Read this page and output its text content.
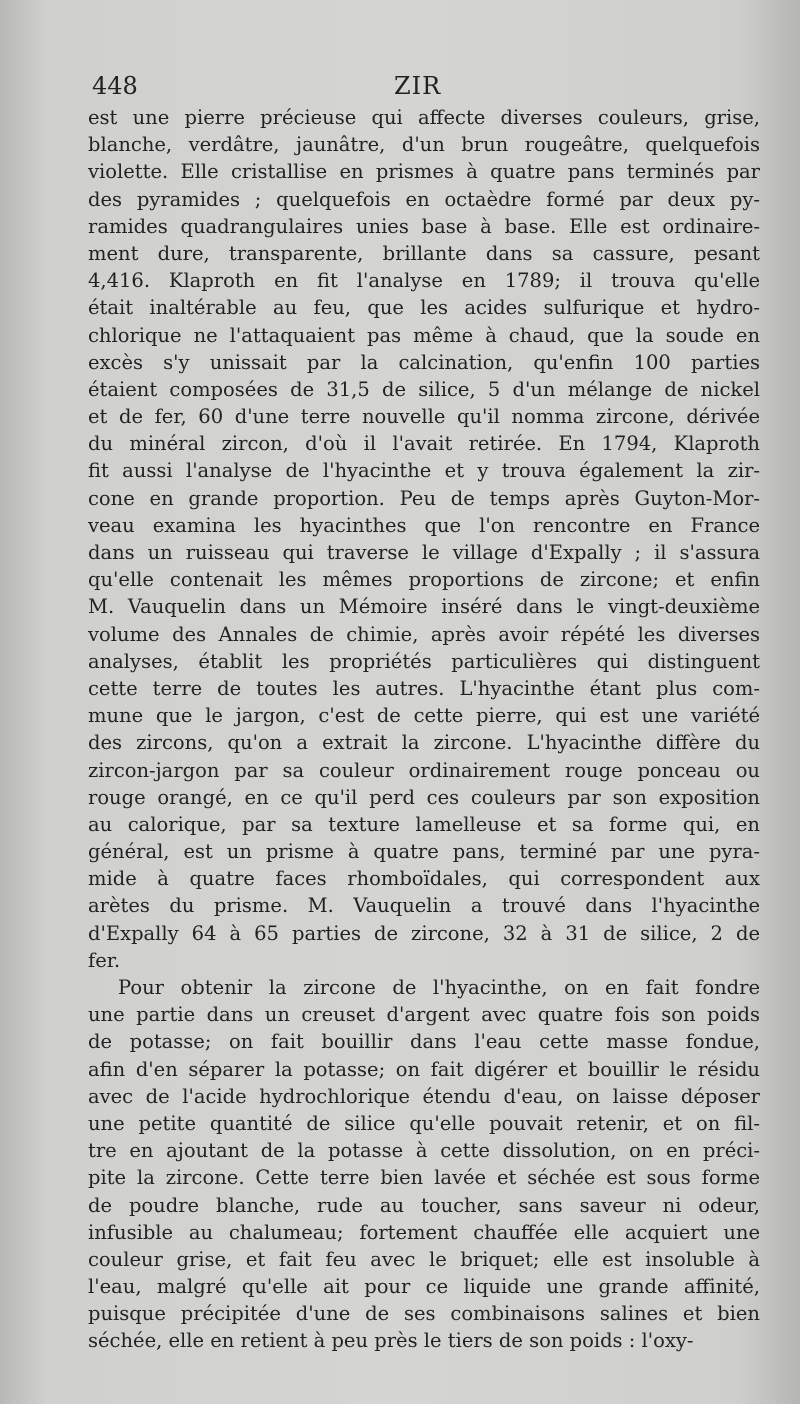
448	ZIR
est une pierre précieuse qui affecte diverses couleurs, grise,
blanche, verdâtre, jaunâtre, d'un brun rougeâtre, quelquefois
violette. Elle cristallise en prismes à quatre pans terminés par
des pyramides ; quelquefois en octaèdre formé par deux py-
ramides quadrangulaires unies base à base. Elle est ordinaire-
ment dure, transparente, brillante dans sa cassure, pesant
4,416. Klaproth en fit l'analyse en 1789; il trouva qu'elle
était inaltérable au feu, que les acides sulfurique et hydro-
chlorique ne l'attaquaient pas même à chaud, que la soude en
excès s'y unissait par la calcination, qu'enfin 100 parties
étaient composées de 31,5 de silice, 5 d'un mélange de nickel
et de fer, 60 d'une terre nouvelle qu'il nomma zircone, dérivée
du minéral zircon, d'où il l'avait retirée. En 1794, Klaproth
fit aussi l'analyse de l'hyacinthe et y trouva également la zir-
cone en grande proportion. Peu de temps après Guyton-Mor-
veau examina les hyacinthes que l'on rencontre en France
dans un ruisseau qui traverse le village d'Expally ; il s'assura
qu'elle contenait les mêmes proportions de zircone; et enfin
M. Vauquelin dans un Mémoire inséré dans le vingt-deuxième
volume des Annales de chimie, après avoir répété les diverses
analyses, établit les propriétés particulières qui distinguent
cette terre de toutes les autres. L'hyacinthe étant plus com-
mune que le jargon, c'est de cette pierre, qui est une variété
des zircons, qu'on a extrait la zircone. L'hyacinthe diffère du
zircon-jargon par sa couleur ordinairement rouge ponceau ou
rouge orangé, en ce qu'il perd ces couleurs par son exposition
au calorique, par sa texture lamelleuse et sa forme qui, en
général, est un prisme à quatre pans, terminé par une pyra-
mide à quatre faces rhomboïdales, qui correspondent aux
arètes du prisme. M. Vauquelin a trouvé dans l'hyacinthe
d'Expally 64 à 65 parties de zircone, 32 à 31 de silice, 2 de
fer.
Pour obtenir la zircone de l'hyacinthe, on en fait fondre
une partie dans un creuset d'argent avec quatre fois son poids
de potasse; on fait bouillir dans l'eau cette masse fondue,
afin d'en séparer la potasse; on fait digérer et bouillir le résidu
avec de l'acide hydrochlorique étendu d'eau, on laisse déposer
une petite quantité de silice qu'elle pouvait retenir, et on fil-
tre en ajoutant de la potasse à cette dissolution, on en préci-
pite la zircone. Cette terre bien lavée et séchée est sous forme
de poudre blanche, rude au toucher, sans saveur ni odeur,
infusible au chalumeau; fortement chauffée elle acquiert une
couleur grise, et fait feu avec le briquet; elle est insoluble à
l'eau, malgré qu'elle ait pour ce liquide une grande affinité,
puisque précipitée d'une de ses combinaisons salines et bien
séchée, elle en retient à peu près le tiers de son poids : l'oxy-
